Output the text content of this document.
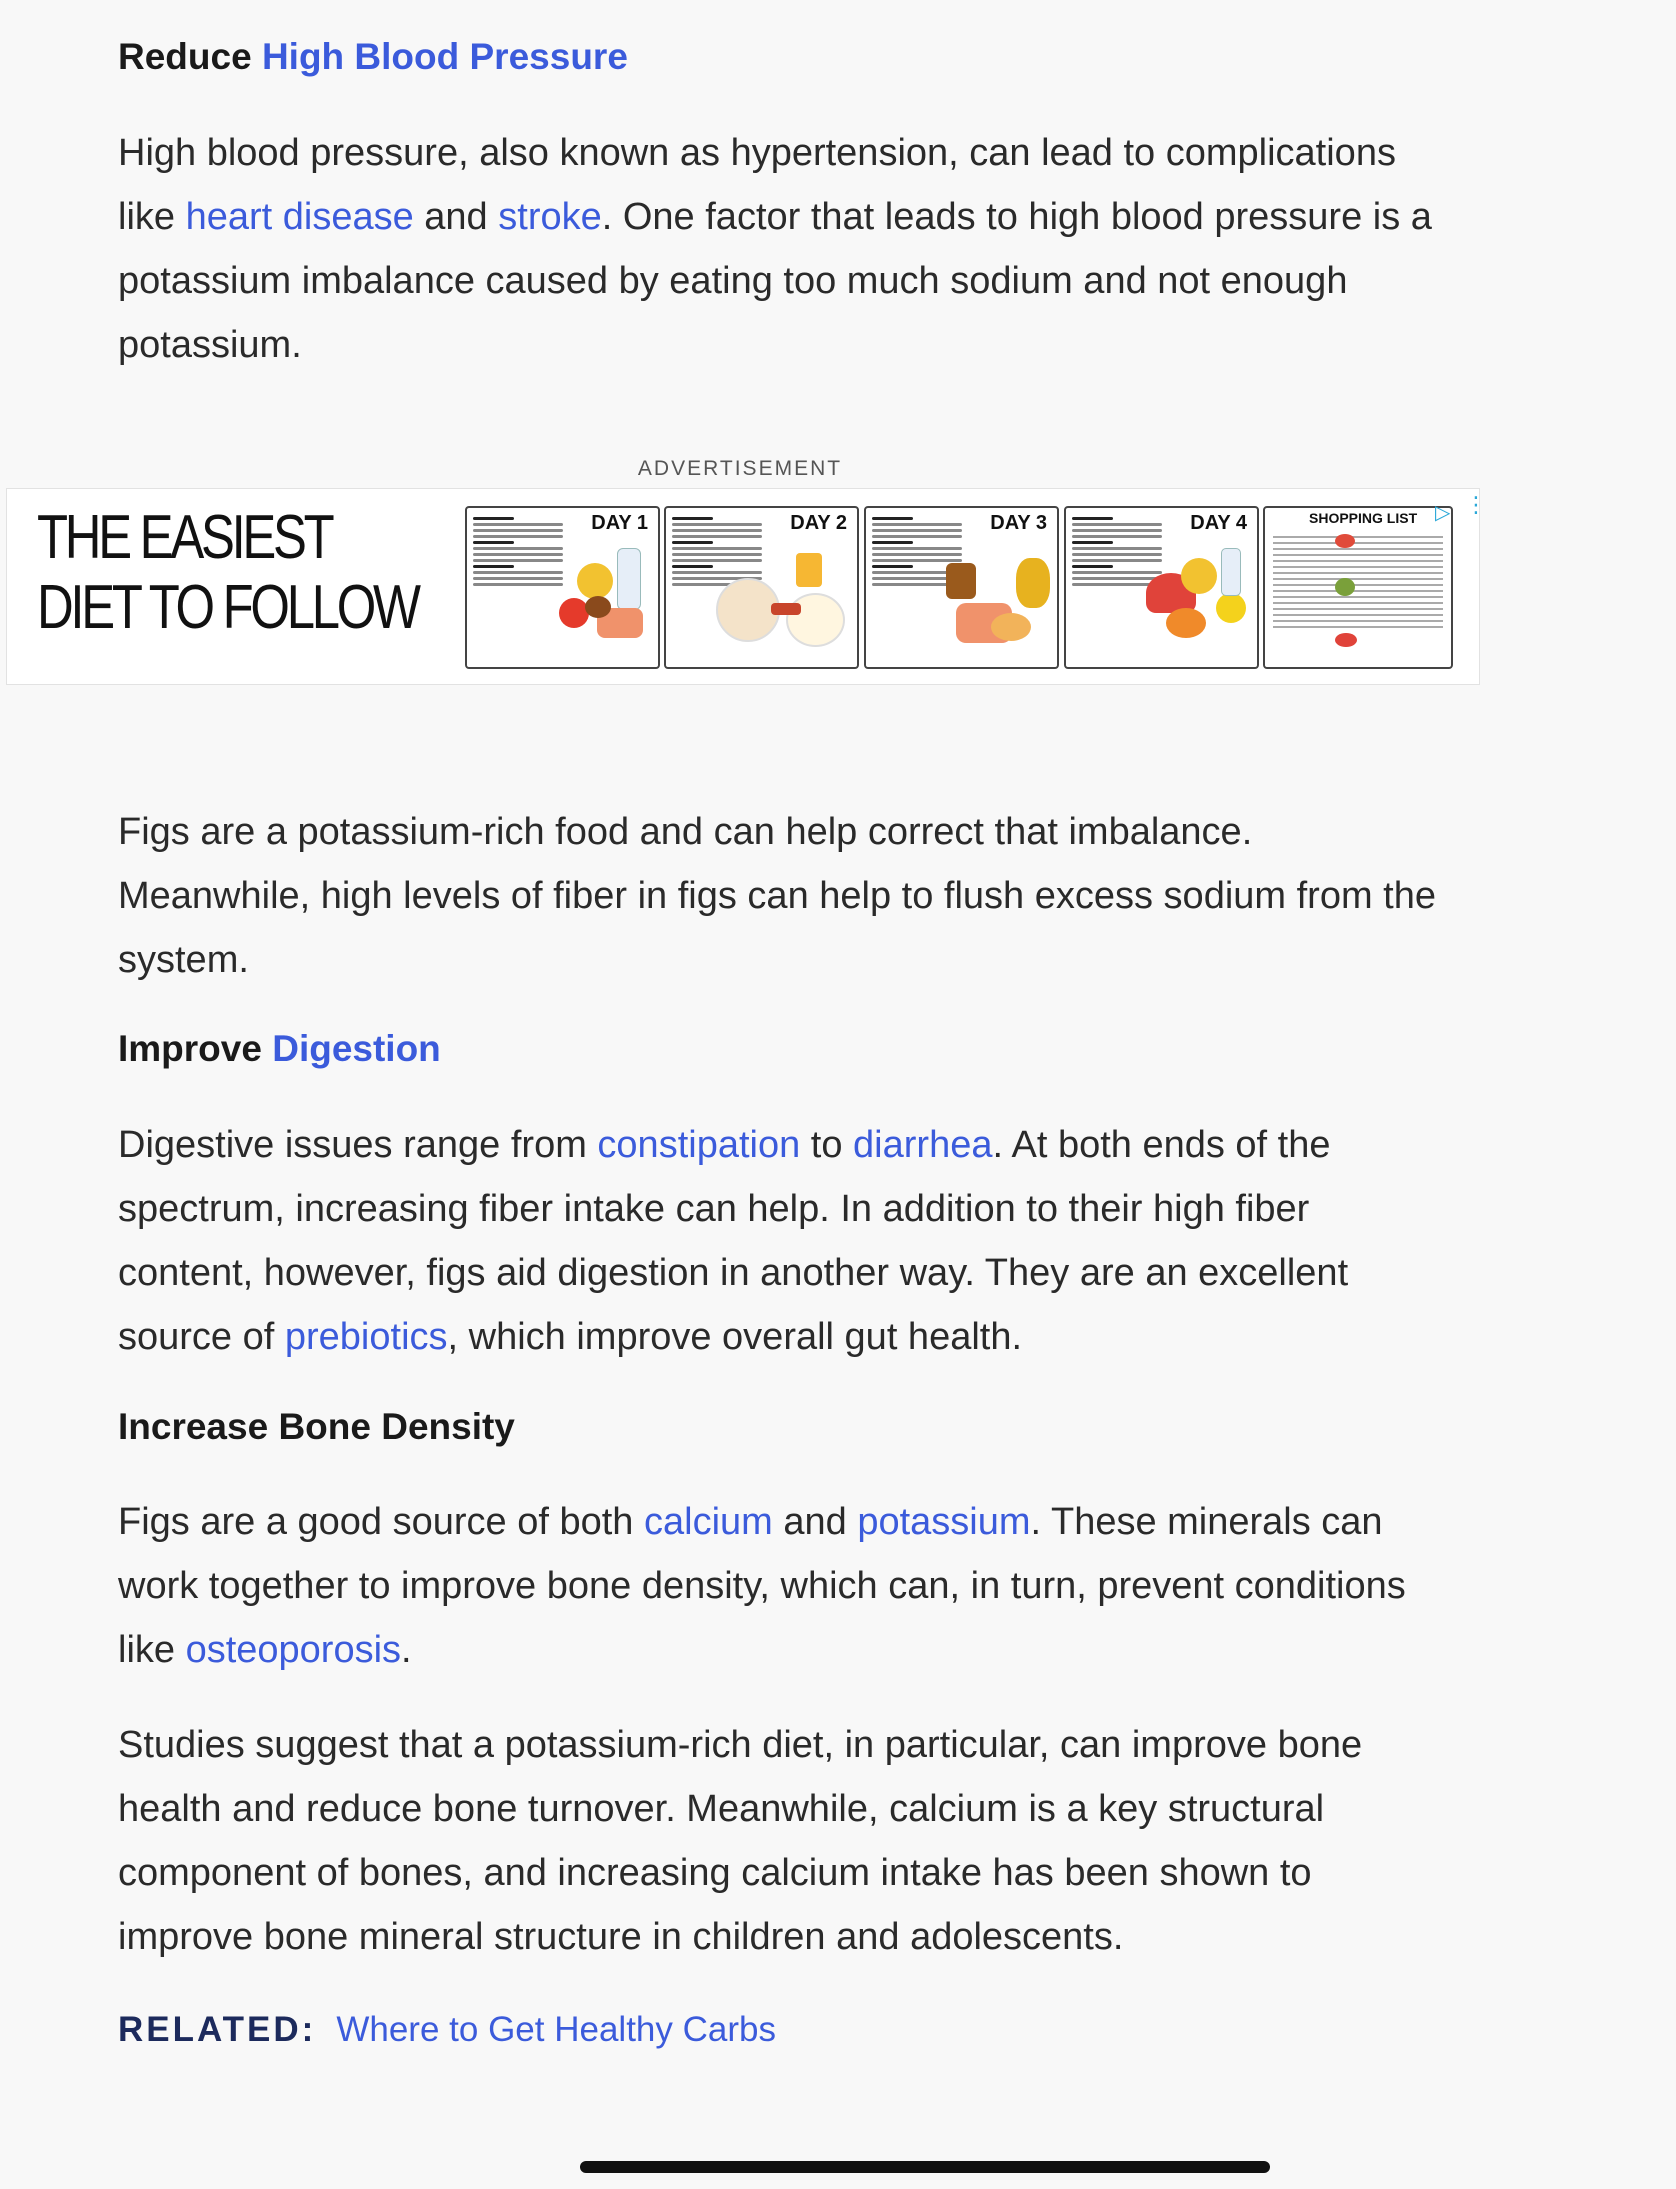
Reduce High Blood Pressure
High blood pressure, also known as hypertension, can lead to complications like heart disease and stroke. One factor that leads to high blood pressure is a potassium imbalance caused by eating too much sodium and not enough potassium.
ADVERTISEMENT
THE EASIEST
DIET TO FOLLOW
DAY 1	DAY 2	DAY 3	DAY 4	SHOPPING LIST ▷ ⋮
Figs are a potassium-rich food and can help correct that imbalance. Meanwhile, high levels of fiber in figs can help to flush excess sodium from the system.
Improve Digestion
Digestive issues range from constipation to diarrhea. At both ends of the spectrum, increasing fiber intake can help. In addition to their high fiber content, however, figs aid digestion in another way. They are an excellent source of prebiotics, which improve overall gut health.
Increase Bone Density
Figs are a good source of both calcium and potassium. These minerals can work together to improve bone density, which can, in turn, prevent conditions like osteoporosis.
Studies suggest that a potassium-rich diet, in particular, can improve bone health and reduce bone turnover. Meanwhile, calcium is a key structural component of bones, and increasing calcium intake has been shown to improve bone mineral structure in children and adolescents.
RELATED: Where to Get Healthy Carbs
